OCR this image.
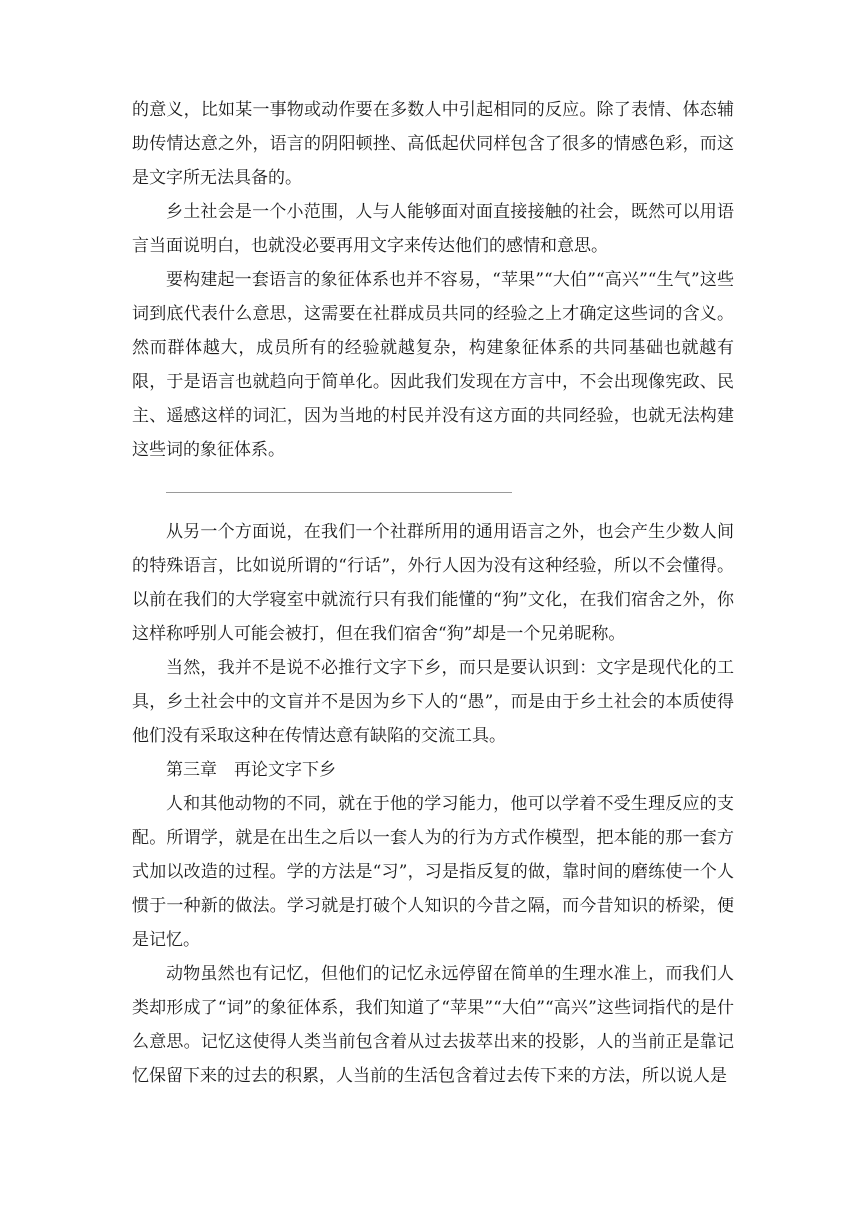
的意义，比如某一事物或动作要在多数人中引起相同的反应。除了表情、体态辅助传情达意之外，语言的阴阳顿挫、高低起伏同样包含了很多的情感色彩，而这是文字所无法具备的。

乡土社会是一个小范围，人与人能够面对面直接接触的社会，既然可以用语言当面说明白，也就没必要再用文字来传达他们的感情和意思。

要构建起一套语言的象征体系也并不容易，“苹果”“大伯”“高兴”“生气”这些词到底代表什么意思，这需要在社群成员共同的经验之上才确定这些词的含义。然而群体越大，成员所有的经验就越复杂，构建象征体系的共同基础也就越有限，于是语言也就趋向于简单化。因此我们发现在方言中，不会出现像宪政、民主、遥感这样的词汇，因为当地的村民并没有这方面的共同经验，也就无法构建这些词的象征体系。

从另一个方面说，在我们一个社群所用的通用语言之外，也会产生少数人间的特殊语言，比如说所谓的“行话”，外行人因为没有这种经验，所以不会懂得。以前在我们的大学寝室中就流行只有我们能懂的“狗”文化，在我们宿舍之外，你这样称呼别人可能会被打，但在我们宿舍“狗”却是一个兄弟昵称。

当然，我并不是说不必推行文字下乡，而只是要认识到：文字是现代化的工具，乡土社会中的文盲并不是因为乡下人的“愚”，而是由于乡土社会的本质使得他们没有采取这种在传情达意有缺陷的交流工具。

第三章　再论文字下乡

人和其他动物的不同，就在于他的学习能力，他可以学着不受生理反应的支配。所谓学，就是在出生之后以一套人为的行为方式作模型，把本能的那一套方式加以改造的过程。学的方法是“习”，习是指反复的做，靠时间的磨练使一个人惯于一种新的做法。学习就是打破个人知识的今昔之隔，而今昔知识的桥梁，便是记忆。

动物虽然也有记忆，但他们的记忆永远停留在简单的生理水准上，而我们人类却形成了“词”的象征体系，我们知道了“苹果”“大伯”“高兴”这些词指代的是什么意思。记忆这使得人类当前包含着从过去拔萃出来的投影，人的当前正是靠记忆保留下来的过去的积累，人当前的生活包含着过去传下来的方法，所以说人是
